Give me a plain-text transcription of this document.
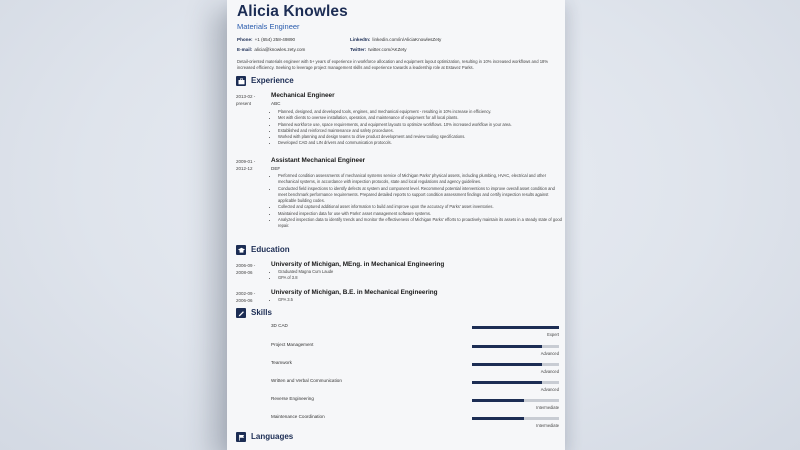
Alicia Knowles
Materials Engineer
Phone: +1 (654) 258-49890	LinkedIn: linkedin.com/in/AliciaKnowlesZety
E-mail: alicia@knowles.zety.com	Twitter: twitter.com/AKZety
Detail-oriented materials engineer with 5+ years of experience in workforce allocation and equipment layout optimization, resulting in 10% increased workflows and 18% increased efficiency. Seeking to leverage project management skills and experience towards a leadership role at Estavez Parks.
Experience
2013-02 -
present
Mechanical Engineer
ABC
• Planned, designed, and developed tools, engines, and mechanical equipment - resulting in 10% increase in efficiency.
• Met with clients to oversee installation, operation, and maintenance of equipment for all local plants.
• Planned workforce use, space requirements, and equipment layouts to optimize workflows. 10% increased workflow in your area.
• Established and reinforced maintenance and safety procedures.
• Worked with planning and design teams to drive product development and review tooling specifications.
• Developed CAD and LIN drivers and communication protocols.
2009-01 -
2012-12
Assistant Mechanical Engineer
DEF
• Performed condition assessments of mechanical systems service of Michigan Parks' physical assets, including plumbing, HVAC, electrical and other mechanical systems, in accordance with inspection protocols, state and local regulations and agency guidelines.
• Conducted field inspections to identify defects at system and component level. Recommend potential interventions to improve overall asset condition and meet benchmark performance requirements. Prepared detailed reports to support condition assessment findings and certify inspection results against applicable building codes.
• Collected and captured additional asset information to build and improve upon the accuracy of Parks' asset inventories.
• Maintained inspection data for use with Parks' asset management software systems.
• Analyzed inspection data to identify trends and monitor the effectiveness of Michigan Parks' efforts to proactively maintain its assets in a steady state of good repair.
Education
2006-09 -
2008-06
University of Michigan, MEng. in Mechanical Engineering
• Graduated Magna Cum Laude
• GPA of 3.8
2002-09 -
2006-06
University of Michigan, B.E. in Mechanical Engineering
• GPA 3.5
Skills
3D CAD
Expert
Project Management
Advanced
Teamwork
Advanced
Written and Verbal Communication
Advanced
Reverse Engineering
Intermediate
Maintenance Coordination
Intermediate
Languages
